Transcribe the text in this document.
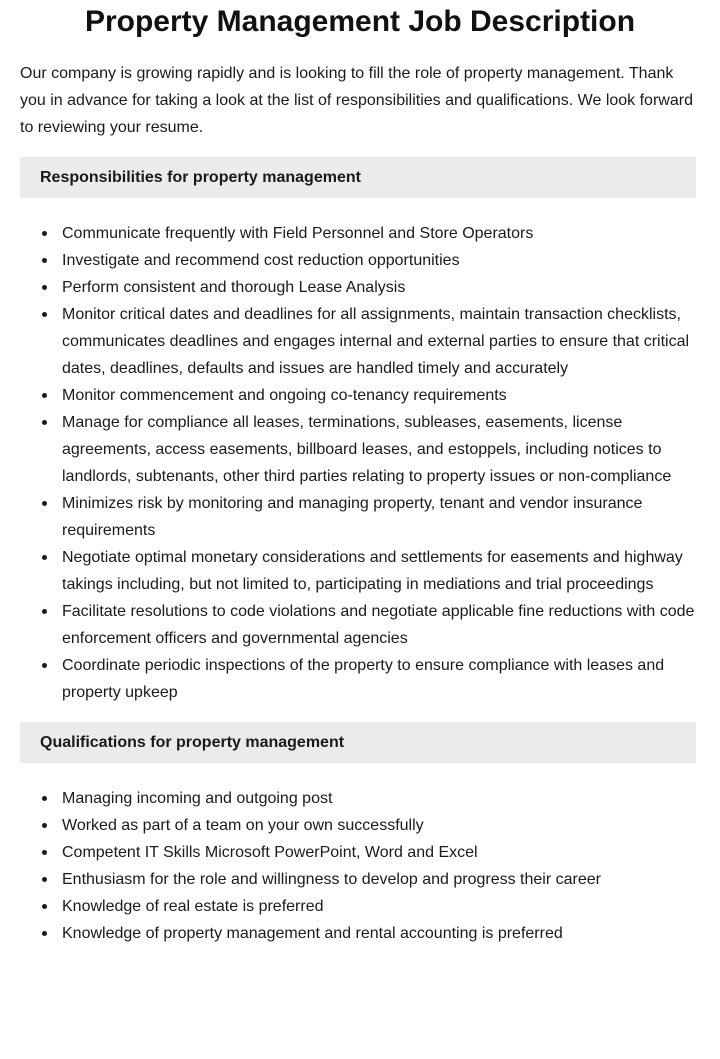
Property Management Job Description

Our company is growing rapidly and is looking to fill the role of property management. Thank you in advance for taking a look at the list of responsibilities and qualifications. We look forward to reviewing your resume.

Responsibilities for property management
Communicate frequently with Field Personnel and Store Operators
Investigate and recommend cost reduction opportunities
Perform consistent and thorough Lease Analysis
Monitor critical dates and deadlines for all assignments, maintain transaction checklists, communicates deadlines and engages internal and external parties to ensure that critical dates, deadlines, defaults and issues are handled timely and accurately
Monitor commencement and ongoing co-tenancy requirements
Manage for compliance all leases, terminations, subleases, easements, license agreements, access easements, billboard leases, and estoppels, including notices to landlords, subtenants, other third parties relating to property issues or non-compliance
Minimizes risk by monitoring and managing property, tenant and vendor insurance requirements
Negotiate optimal monetary considerations and settlements for easements and highway takings including, but not limited to, participating in mediations and trial proceedings
Facilitate resolutions to code violations and negotiate applicable fine reductions with code enforcement officers and governmental agencies
Coordinate periodic inspections of the property to ensure compliance with leases and property upkeep
Qualifications for property management
Managing incoming and outgoing post
Worked as part of a team on your own successfully
Competent IT Skills Microsoft PowerPoint, Word and Excel
Enthusiasm for the role and willingness to develop and progress their career
Knowledge of real estate is preferred
Knowledge of property management and rental accounting is preferred
